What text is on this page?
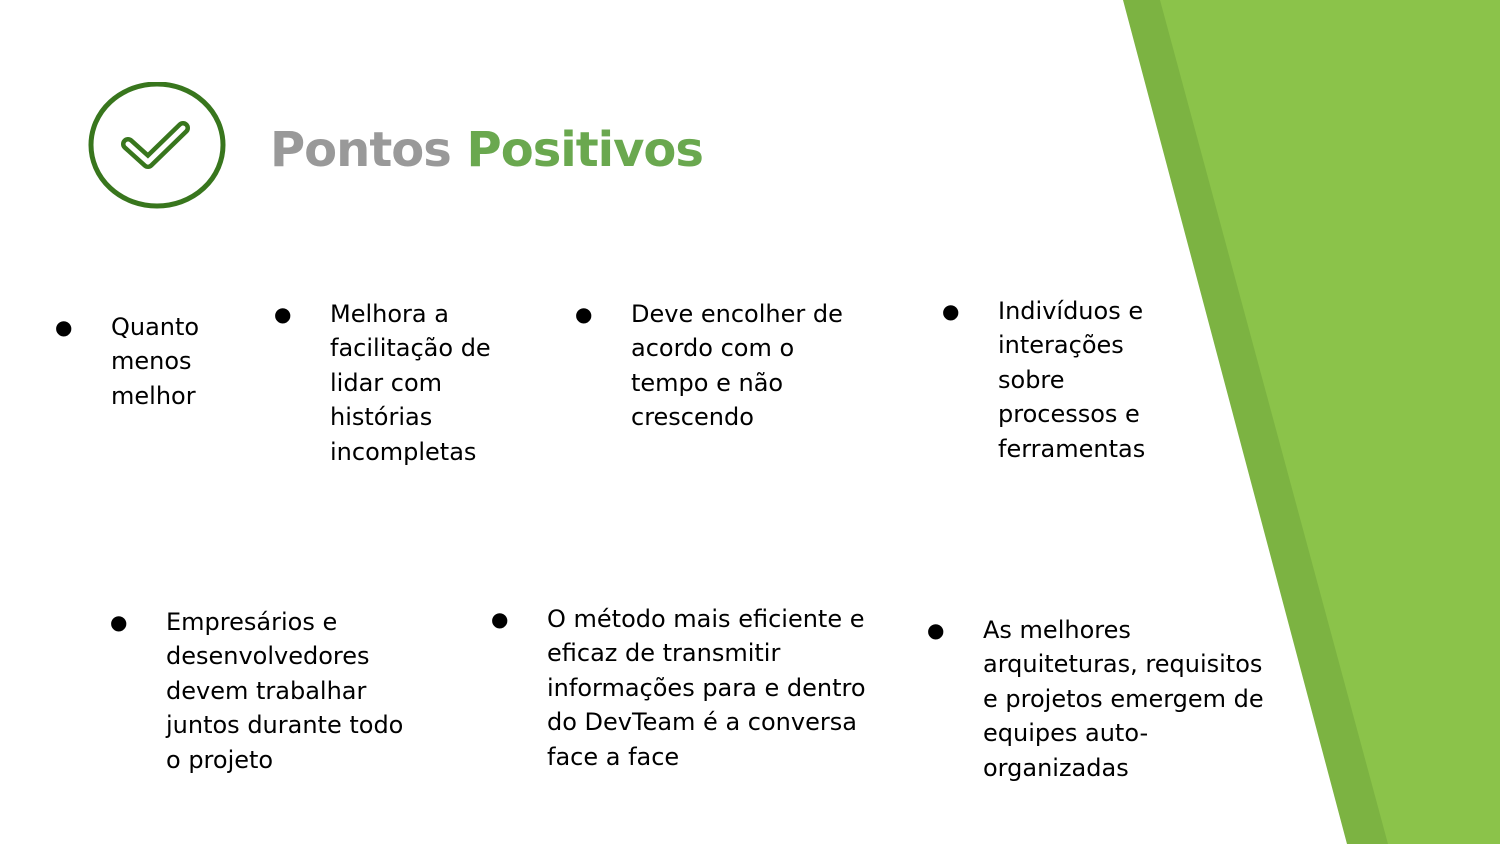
Pontos Positivos
● Quanto menos melhor
● Melhora a facilitação de lidar com histórias incompletas
● Deve encolher de acordo com o tempo e não crescendo
● Indivíduos e interações sobre processos e ferramentas
● Empresários e desenvolvedores devem trabalhar juntos durante todo o projeto
● O método mais eficiente e eficaz de transmitir informações para e dentro do DevTeam é a conversa face a face
● As melhores arquiteturas, requisitos e projetos emergem de equipes auto-organizadas
